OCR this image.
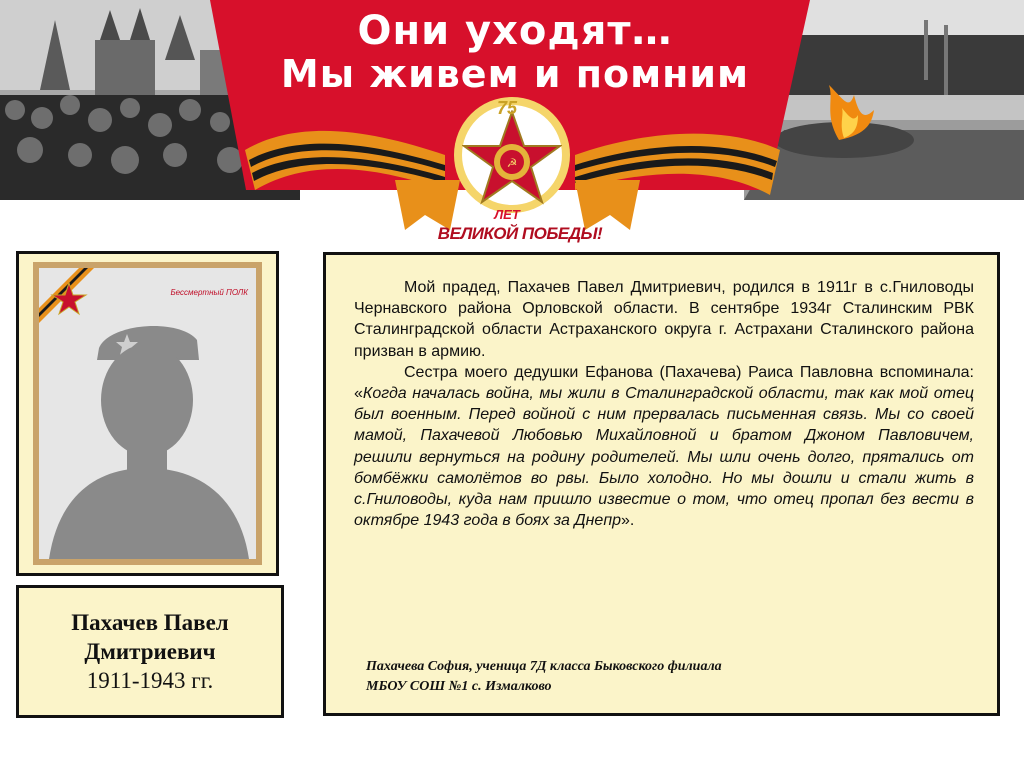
Они уходят…
Мы живем и помним
☭
75
ЛЕТ
ВЕЛИКОЙ ПОБЕДЫ!
Бессмертный ПОЛК
Пахачев Павел
Дмитриевич
1911-1943 гг.

Мой прадед, Пахачев Павел Дмитриевич, родился в 1911г в с.Гниловоды Чернавского района Орловской области. В сентябре 1934г Сталинским РВК Сталинградской области Астраханского округа г. Астрахани Сталинского района призван в армию.

Сестра моего дедушки Ефанова (Пахачева) Раиса Павловна вспоминала: «Когда началась война, мы жили в Сталинградской области, так как мой отец был военным. Перед войной с ним прервалась письменная связь. Мы со своей мамой, Пахачевой Любовью Михайловной и братом Джоном Павловичем, решили вернуться на родину родителей. Мы шли очень долго, прятались от бомбёжки самолётов во рвы. Было холодно. Но мы дошли и стали жить в с.Гниловоды, куда нам пришло известие о том, что отец пропал без вести в октябре 1943 года в боях за Днепр».

Пахачева София, ученица 7Д класса Быковского филиала
МБОУ СОШ №1 с. Измалково
